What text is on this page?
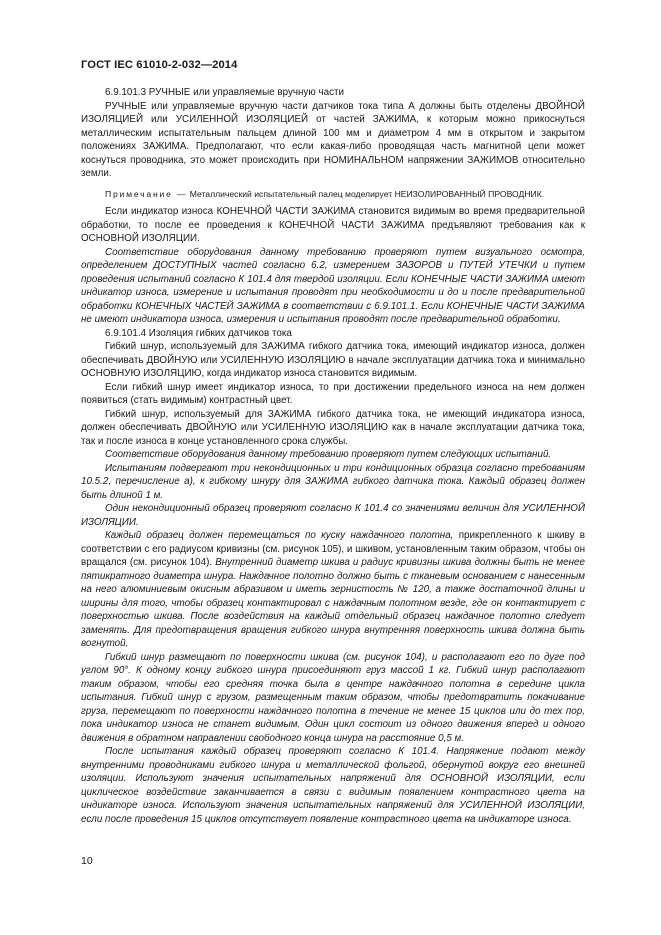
ГОСТ IEC 61010-2-032—2014

6.9.101.3 РУЧНЫЕ или управляемые вручную части

РУЧНЫЕ или управляемые вручную части датчиков тока типа А должны быть отделены ДВОЙНОЙ ИЗОЛЯЦИЕЙ или УСИЛЕННОЙ ИЗОЛЯЦИЕЙ от частей ЗАЖИМА, к которым можно прикоснуться металлическим испытательным пальцем длиной 100 мм и диаметром 4 мм в открытом и закрытом положениях ЗАЖИМА. Предполагают, что если какая-либо проводящая часть магнитной цепи может коснуться проводника, это может происходить при НОМИНАЛЬНОМ напряжении ЗАЖИМОВ относительно земли.

Примечание — Металлический испытательный палец моделирует НЕИЗОЛИРОВАННЫЙ ПРОВОДНИК.

Если индикатор износа КОНЕЧНОЙ ЧАСТИ ЗАЖИМА становится видимым во время предварительной обработки, то после ее проведения к КОНЕЧНОЙ ЧАСТИ ЗАЖИМА предъявляют требования как к ОСНОВНОЙ ИЗОЛЯЦИИ.

Соответствие оборудования данному требованию проверяют путем визуального осмотра, определением ДОСТУПНЫХ частей согласно 6.2, измерением ЗАЗОРОВ и ПУТЕЙ УТЕЧКИ и путем проведения испытаний согласно К 101.4 для твердой изоляции. Если КОНЕЧНЫЕ ЧАСТИ ЗАЖИМА имеют индикатор износа, измерение и испытания проводят при необходимости и до и после предварительной обработки КОНЕЧНЫХ ЧАСТЕЙ ЗАЖИМА в соответствии с 6.9.101.1. Если КОНЕЧНЫЕ ЧАСТИ ЗАЖИМА не имеют индикатора износа, измерения и испытания проводят после предварительной обработки.

6.9.101.4 Изоляция гибких датчиков тока

Гибкий шнур, используемый для ЗАЖИМА гибкого датчика тока, имеющий индикатор износа, должен обеспечивать ДВОЙНУЮ или УСИЛЕННУЮ ИЗОЛЯЦИЮ в начале эксплуатации датчика тока и минимально ОСНОВНУЮ ИЗОЛЯЦИЮ, когда индикатор износа становится видимым.

Если гибкий шнур имеет индикатор износа, то при достижении предельного износа на нем должен появиться (стать видимым) контрастный цвет.

Гибкий шнур, используемый для ЗАЖИМА гибкого датчика тока, не имеющий индикатора износа, должен обеспечивать ДВОЙНУЮ или УСИЛЕННУЮ ИЗОЛЯЦИЮ как в начале эксплуатации датчика тока, так и после износа в конце установленного срока службы.

Соответствие оборудования данному требованию проверяют путем следующих испытаний.

Испытаниям подвергают три некондиционных и три кондиционных образца согласно требованиям 10.5.2, перечисление а), к гибкому шнуру для ЗАЖИМА гибкого датчика тока. Каждый образец должен быть длиной 1 м.

Один некондиционный образец проверяют согласно К 101.4 со значениями величин для УСИЛЕННОЙ ИЗОЛЯЦИИ.

Каждый образец должен перемещаться по куску наждачного полотна, прикрепленного к шкиву в соответствии с его радиусом кривизны (см. рисунок 105), и шкивом, установленным таким образом, чтобы он вращался (см. рисунок 104). Внутренний диаметр шкива и радиус кривизны шкива должны быть не менее пятикратного диаметра шнура. Наждачное полотно должно быть с тканевым основанием с нанесенным на него алюминиевым окисным абразивом и иметь зернистость № 120, а также достаточной длины и ширины для того, чтобы образец контактировал с наждачным полотном везде, где он контактирует с поверхностью шкива. После воздействия на каждый отдельный образец наждачное полотно следует заменять. Для предотвращения вращения гибкого шнура внутренняя поверхность шкива должна быть вогнутой.

Гибкий шнур размещают по поверхности шкива (см. рисунок 104), и располагают его по дуге под углом 90°. К одному концу гибкого шнура присоединяют груз массой 1 кг. Гибкий шнур располагают таким образом, чтобы его средняя точка была в центре наждачного полотна в середине цикла испытания. Гибкий шнур с грузом, размещенным таким образом, чтобы предотвратить покачивание груза, перемещают по поверхности наждачного полотна в течение не менее 15 циклов или до тех пор, пока индикатор износа не станет видимым. Один цикл состоит из одного движения вперед и одного движения в обратном направлении свободного конца шнура на расстояние 0,5 м.

После испытания каждый образец проверяют согласно К 101.4. Напряжение подают между внутренними проводниками гибкого шнура и металлической фольгой, обернутой вокруг его внешней изоляции. Используют значения испытательных напряжений для ОСНОВНОЙ ИЗОЛЯЦИИ, если циклическое воздействие заканчивается в связи с видимым появлением контрастного цвета на индикаторе износа. Используют значения испытательных напряжений для УСИЛЕННОЙ ИЗОЛЯЦИИ, если после проведения 15 циклов отсутствует появление контрастного цвета на индикаторе износа.

10
